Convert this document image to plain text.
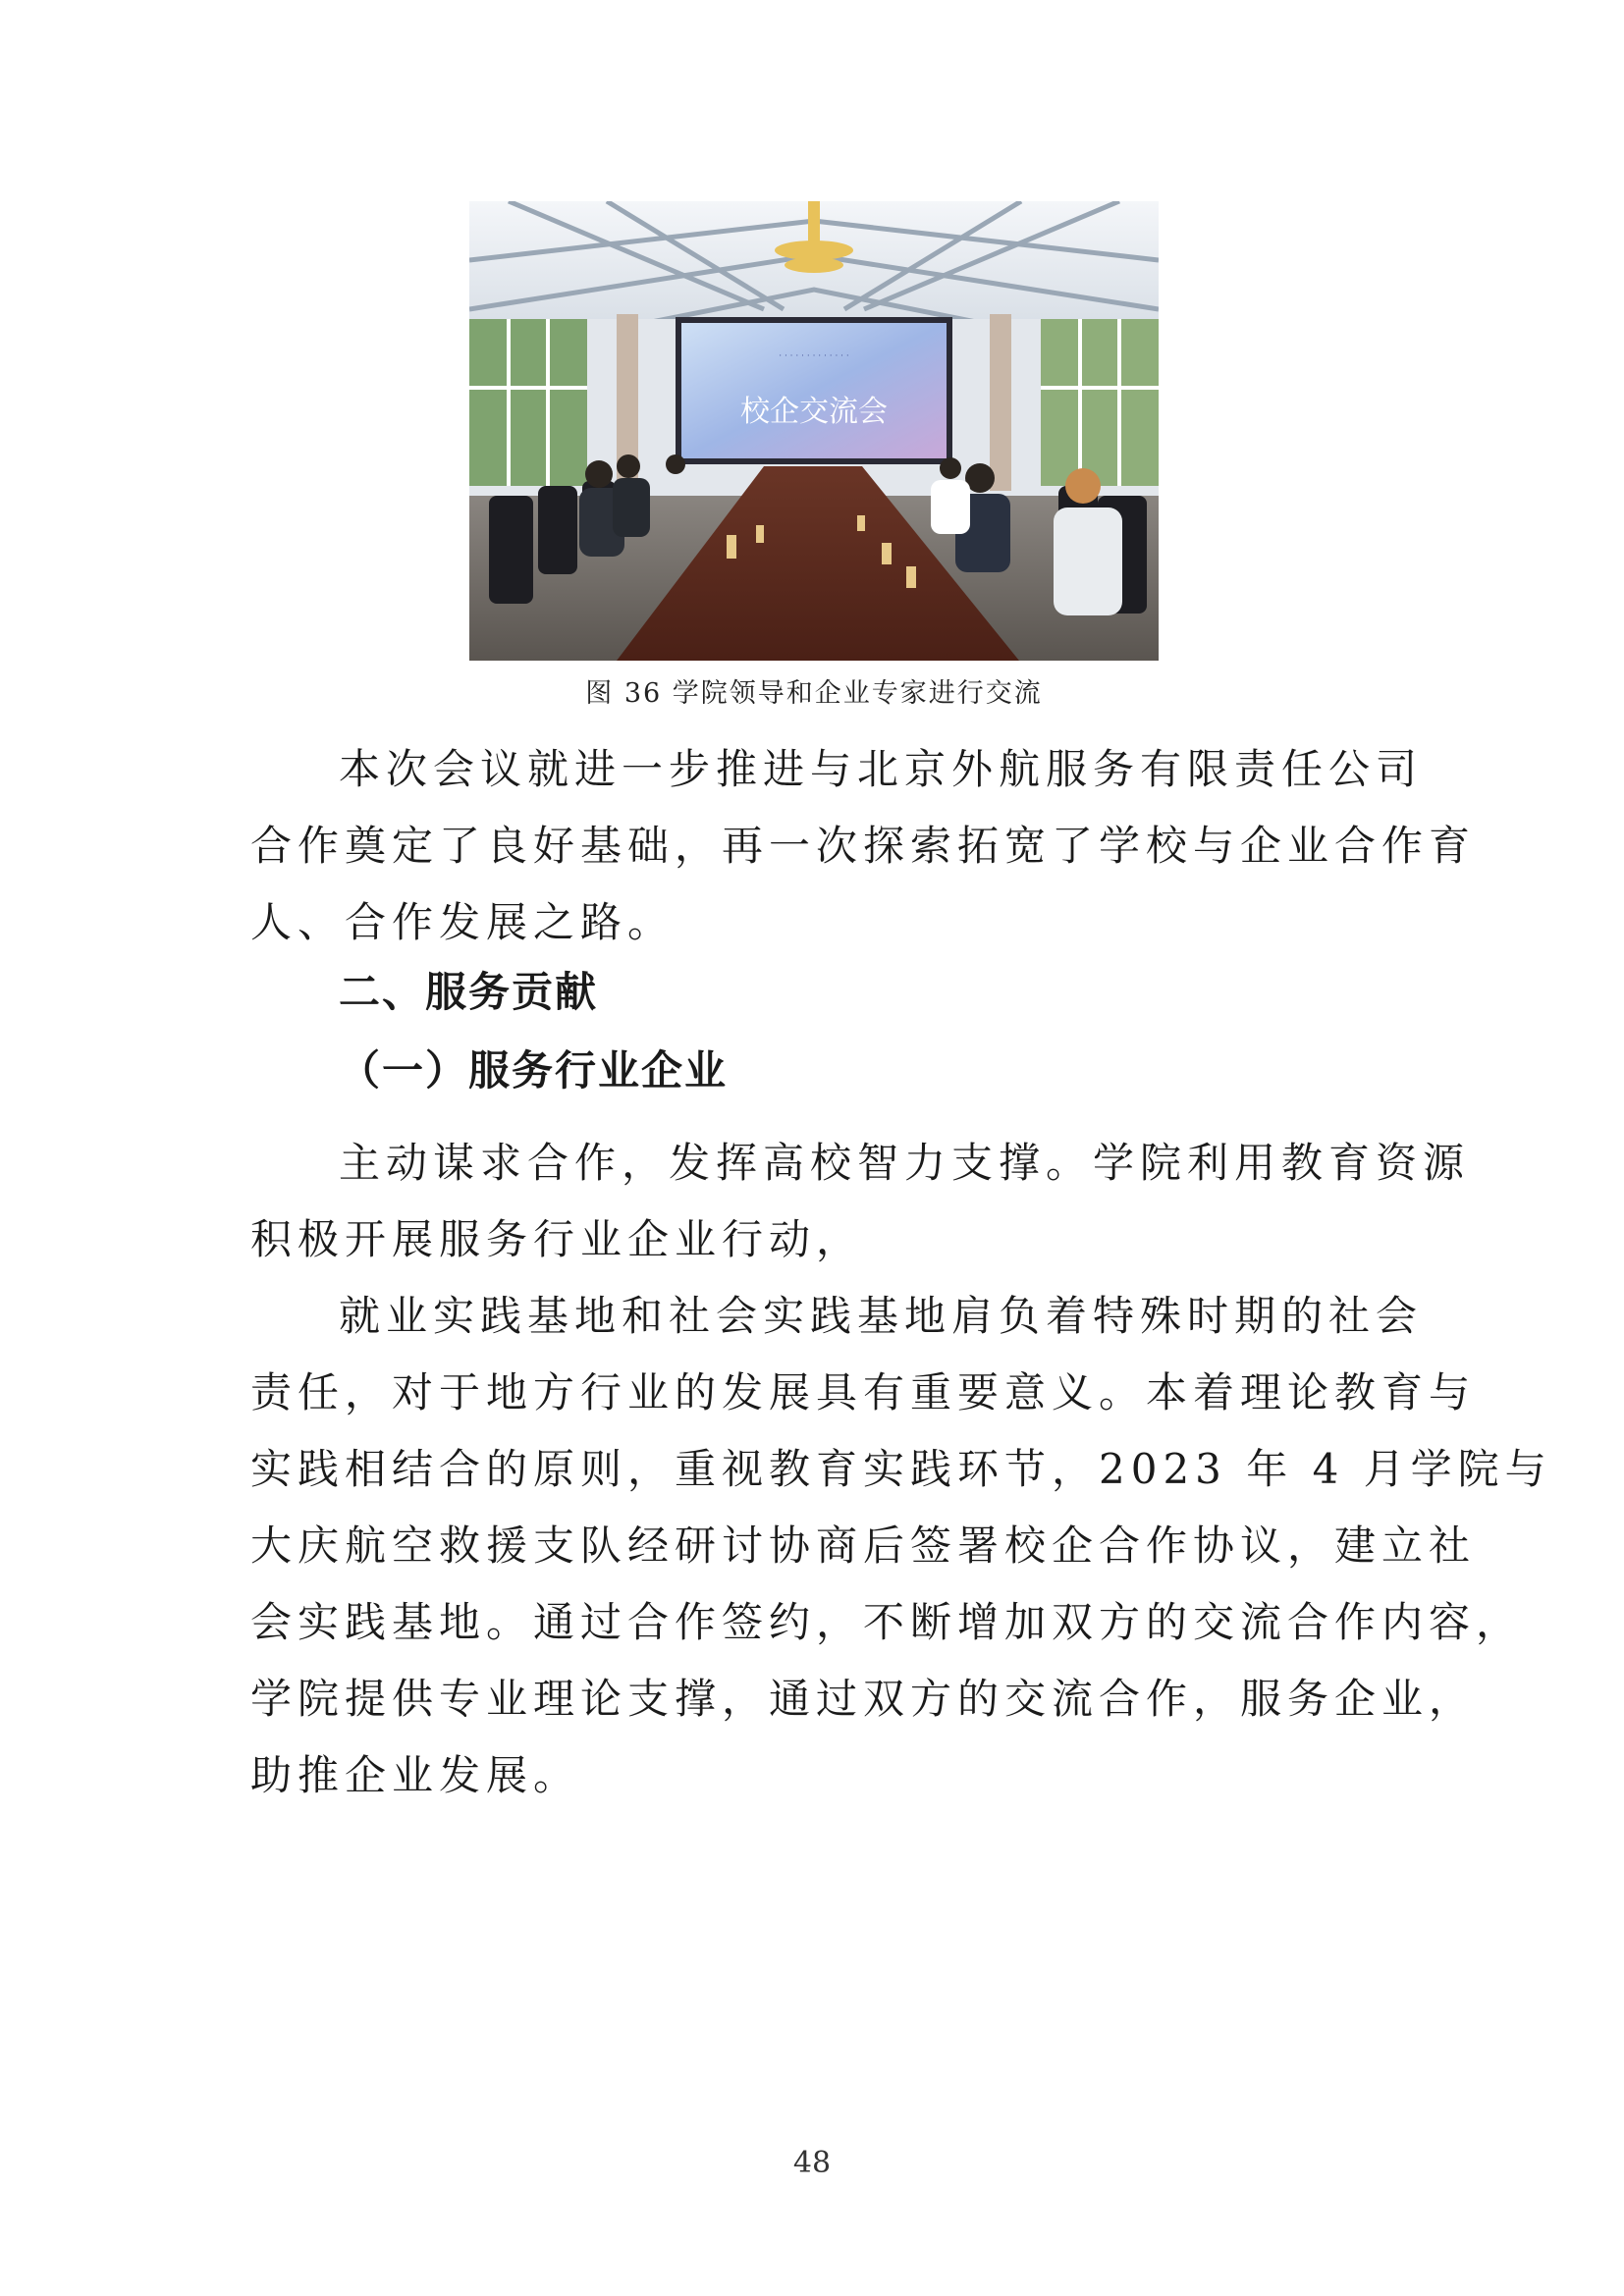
· · · · · · · · · · · · ·
校企交流会
图 36 学院领导和企业专家进行交流
本次会议就进一步推进与北京外航服务有限责任公司
合作奠定了良好基础，再一次探索拓宽了学校与企业合作育
人、合作发展之路。
二、服务贡献
（一）服务行业企业
主动谋求合作，发挥高校智力支撑。学院利用教育资源
积极开展服务行业企业行动，
就业实践基地和社会实践基地肩负着特殊时期的社会
责任，对于地方行业的发展具有重要意义。本着理论教育与
实践相结合的原则，重视教育实践环节，2023 年 4 月学院与
大庆航空救援支队经研讨协商后签署校企合作协议，建立社
会实践基地。通过合作签约，不断增加双方的交流合作内容，
学院提供专业理论支撑，通过双方的交流合作，服务企业，
助推企业发展。
48
